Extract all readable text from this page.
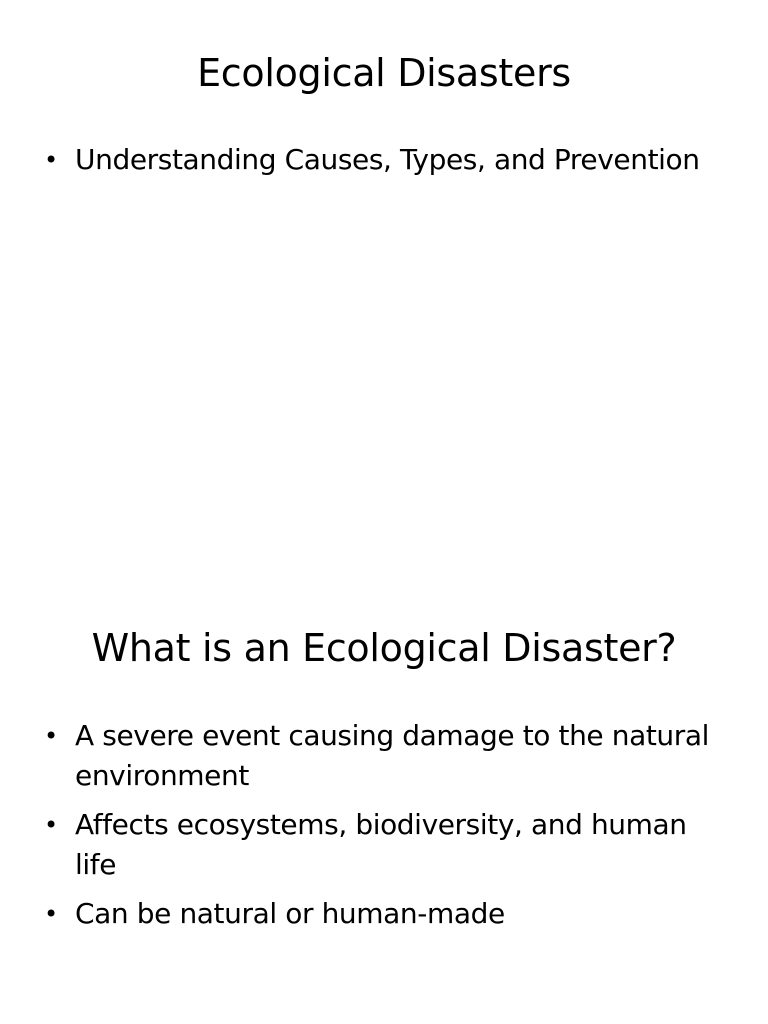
Ecological Disasters
• Understanding Causes, Types, and Prevention
What is an Ecological Disaster?
• A severe event causing damage to the natural environment
• Affects ecosystems, biodiversity, and human life
• Can be natural or human-made
